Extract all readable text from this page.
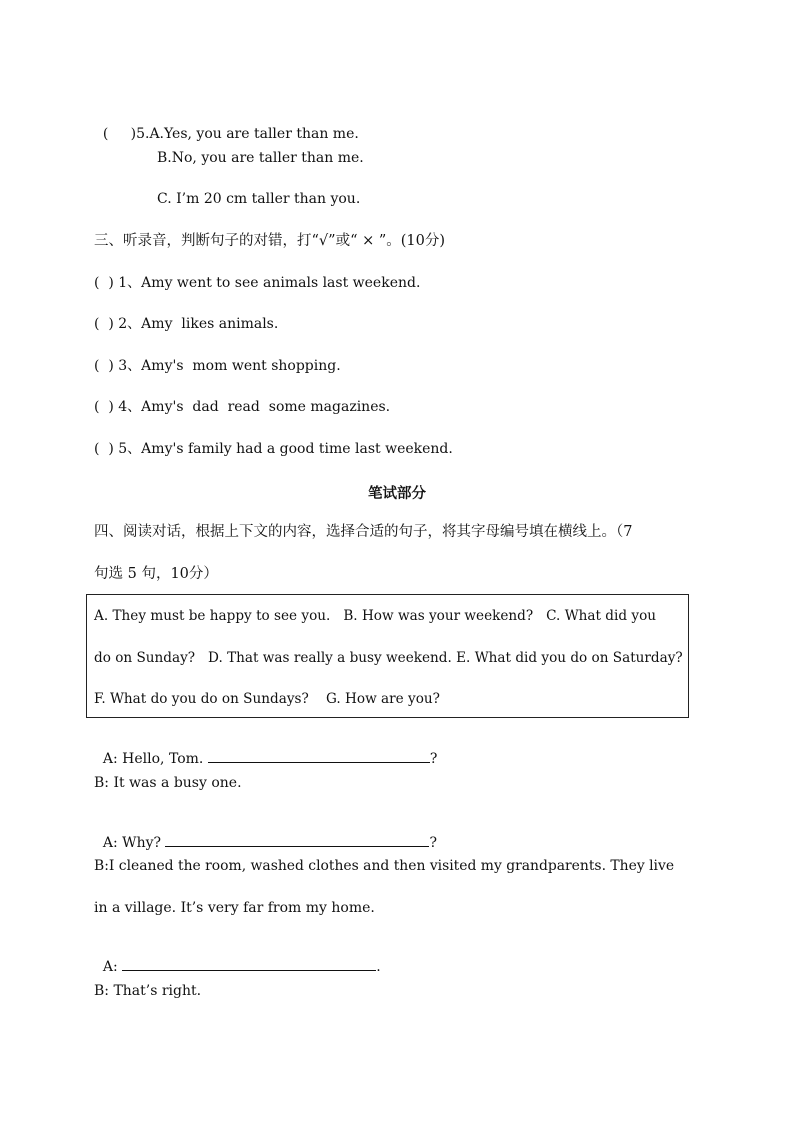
(     )5.A.Yes, you are taller than me.

B.No, you are taller than me.
C. I’m 20 cm taller than you.
三、听录音，判断句子的对错，打“√”或“ × ”。(10分)
(  ) 1、Amy went to see animals last weekend.
(  ) 2、Amy  likes animals.
(  ) 3、Amy's  mom went shopping.
(  ) 4、Amy's  dad  read  some magazines.
(  ) 5、Amy's family had a good time last weekend.
笔试部分
四、阅读对话，根据上下文的内容，选择合适的句子，将其字母编号填在横线上。（7
句选 5 句，10分）
A. They must be happy to see you.   B. How was your weekend?   C. What did you
do on Sunday?   D. That was really a busy weekend. E. What did you do on Saturday?
F. What do you do on Sundays?    G. How are you?

A: Hello, Tom.	?

B: It was a busy one.

A: Why?	?

B:I cleaned the room, washed clothes and then visited my grandparents. They live
in a village. It’s very far from my home.

A:	.

B: That’s right.
